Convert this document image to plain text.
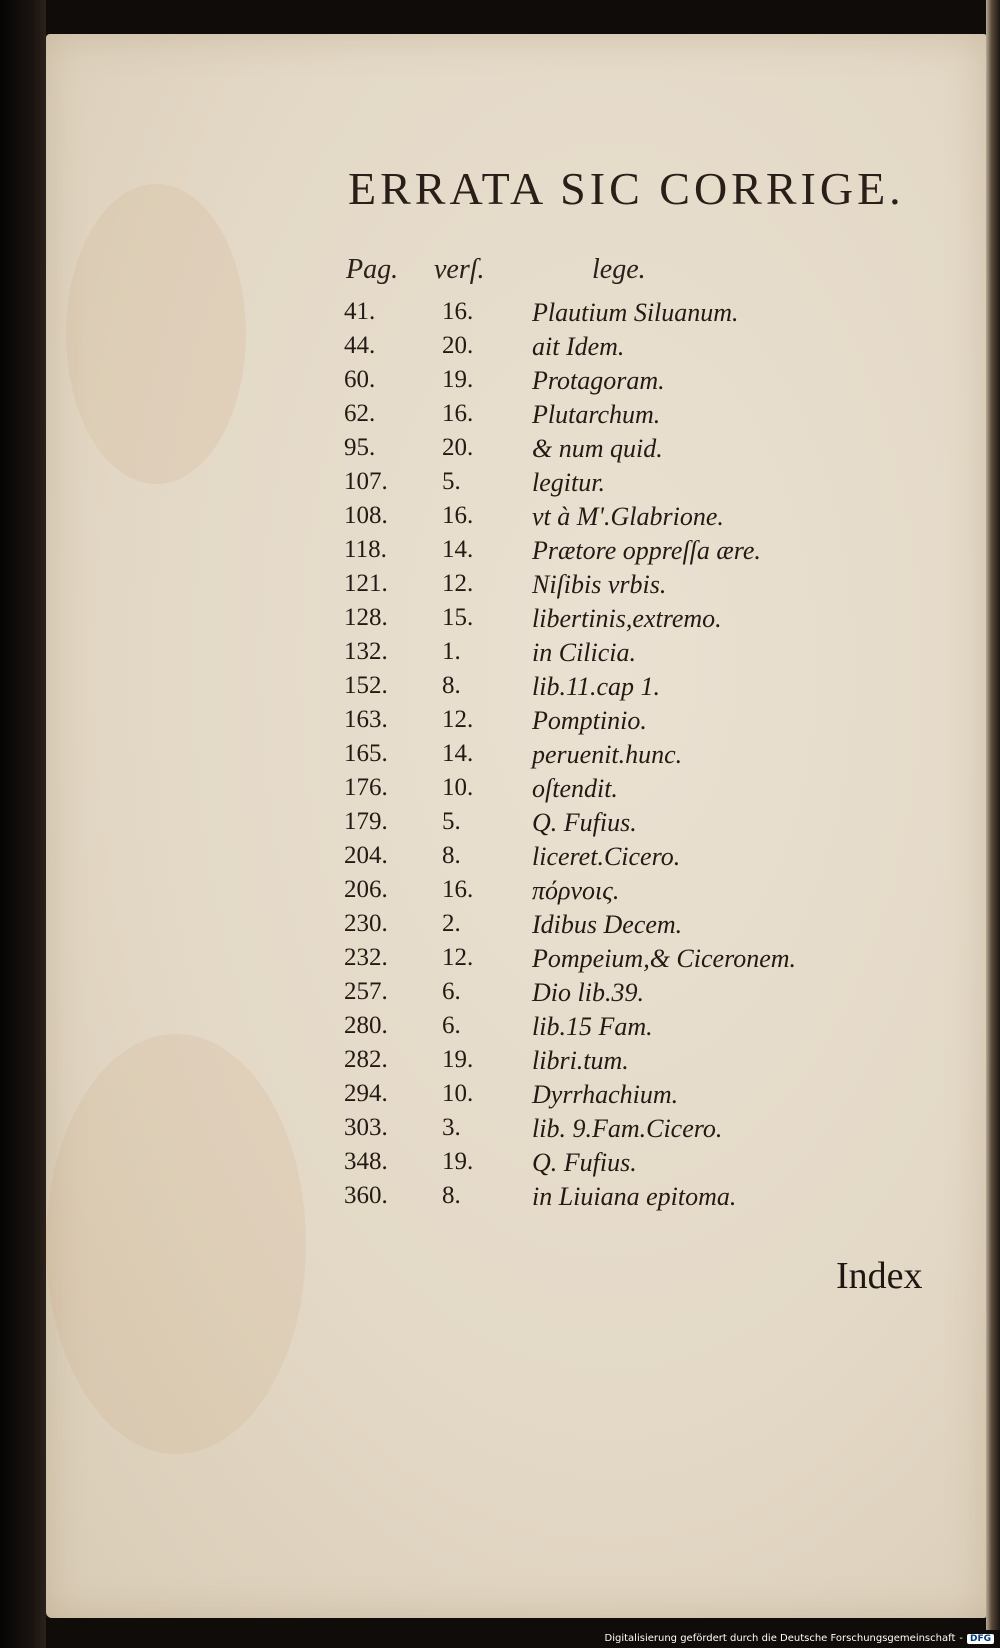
ERRATA SIC CORRIGE.
Pag. verſ.	lege.
41.	16.	Plautium Siluanum.
44.	20.	ait Idem.
60.	19.	Protagoram.
62.	16.	Plutarchum.
95.	20.	& num quid.
107.	5.	legitur.
108.	16.	vt à M'.Glabrione.
118.	14.	Prætore oppreſſa ære.
121.	12.	Niſibis vrbis.
128.	15.	libertinis,extremo.
132.	1.	in Cilicia.
152.	8.	lib.11.cap 1.
163.	12.	Pomptinio.
165.	14.	peruenit.hunc.
176.	10.	oſtendit.
179.	5.	Q. Fufius.
204.	8.	liceret.Cicero.
206.	16.	πόρνοις.
230.	2.	Idibus Decem.
232.	12.	Pompeium,& Ciceronem.
257.	6.	Dio lib.39.
280.	6.	lib.15 Fam.
282.	19.	libri.tum.
294.	10.	Dyrrhachium.
303.	3.	lib. 9.Fam.Cicero.
348.	19.	Q. Fufius.
360.	8.	in Liuiana epitoma.
Index
Digitalisierung gefördert durch die Deutsche Forschungsgemeinschaft - DFG
